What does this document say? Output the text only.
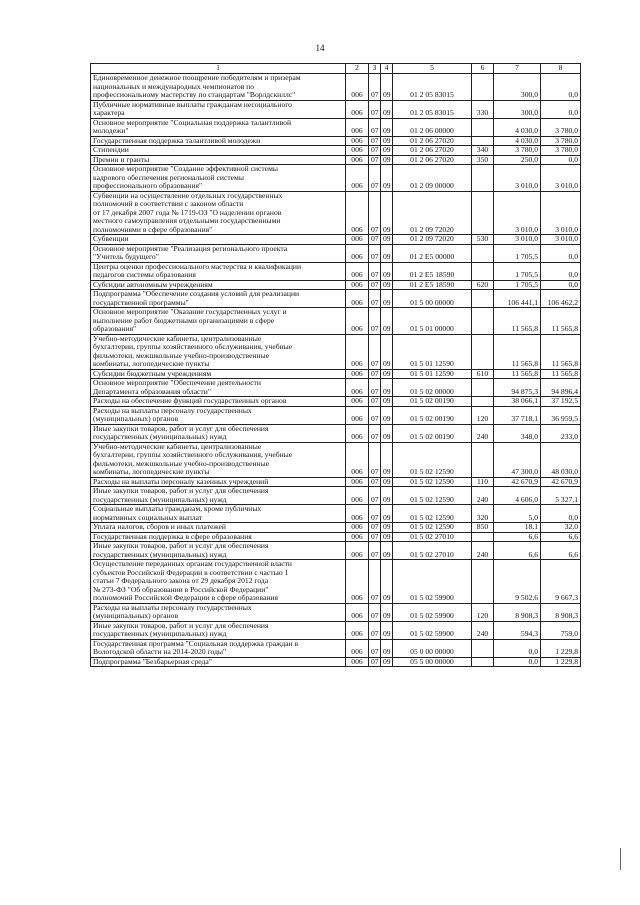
14
1	2	3	4	5	6	7	8

Единовременное денежное поощрение победителям и призерам
национальных и международных чемпионатов по
профессиональному мастерству по стандартам "Ворлдскиллс"	006	07	09	01 2 05 83015		300,0	0,0

Публичные нормативные выплаты гражданам несоциального
характера	006	07	09	01 2 05 83015	330	300,0	0,0

Основное мероприятие "Социальная поддержка талантливой
молодежи"	006	07	09	01 2 06 00000		4 030,0	3 780,0

Государственная поддержка талантливой молодежи	006	07	09	01 2 06 27020		4 030,0	3 780,0

Стипендии	006	07	09	01 2 06 27020	340	3 780,0	3 780,0

Премии и гранты	006	07	09	01 2 06 27020	350	250,0	0,0

Основное мероприятие "Создание эффективной системы
кадрового обеспечения региональной системы
профессионального образования"	006	07	09	01 2 09 00000		3 010,0	3 010,0

Субвенции на осуществление отдельных государственных
полномочий в соответствии с законом области
от 17 декабря 2007 года № 1719-ОЗ "О наделении органов
местного самоуправления отдельными государственными
полномочиями в сфере образования"	006	07	09	01 2 09 72020		3 010,0	3 010,0

Субвенции	006	07	09	01 2 09 72020	530	3 010,0	3 010,0

Основное мероприятие "Реализация регионального проекта
"Учитель будущего"	006	07	09	01 2 E5 00000		1 705,5	0,0

Центры оценки профессионального мастерства и квалификации
педагогов системы образования	006	07	09	01 2 E5 18590		1 705,5	0,0

Субсидии автономным учреждениям	006	07	09	01 2 E5 18590	620	1 705,5	0,0

Подпрограмма "Обеспечение создания условий для реализации
государственной программы"	006	07	09	01 5 00 00000		106 441,1	106 462,2

Основное мероприятие "Оказание государственных услуг и
выполнение работ бюджетными организациями в сфере
образования"	006	07	09	01 5 01 00000		11 565,8	11 565,8

Учебно-методические кабинеты, централизованные
бухгалтерии, группы хозяйственного обслуживания, учебные
фильмотеки, межшкольные учебно-производственные
комбинаты, логопедические пункты	006	07	09	01 5 01 12590		11 565,8	11 565,8

Субсидии бюджетным учреждениям	006	07	09	01 5 01 12590	610	11 565,8	11 565,8

Основное мероприятие "Обеспечение деятельности
Департамента образования области"	006	07	09	01 5 02 00000		94 875,3	94 896,4

Расходы на обеспечение функций государственных органов	006	07	09	01 5 02 00190		38 066,1	37 192,5

Расходы на выплаты персоналу государственных
(муниципальных) органов	006	07	09	01 5 02 00190	120	37 718,1	36 959,5

Иные закупки товаров, работ и услуг для обеспечения
государственных (муниципальных) нужд	006	07	09	01 5 02 00190	240	348,0	233,0

Учебно-методические кабинеты, централизованные
бухгалтерии, группы хозяйственного обслуживания, учебные
фильмотеки, межшкольные учебно-производственные
комбинаты, логопедические пункты	006	07	09	01 5 02 12590		47 300,0	48 030,0

Расходы на выплаты персоналу казенных учреждений	006	07	09	01 5 02 12590	110	42 670,9	42 670,9

Иные закупки товаров, работ и услуг для обеспечения
государственных (муниципальных) нужд	006	07	09	01 5 02 12590	240	4 606,0	5 327,1

Социальные выплаты гражданам, кроме публичных
нормативных социальных выплат	006	07	09	01 5 02 12590	320	5,0	0,0

Уплата налогов, сборов и иных платежей	006	07	09	01 5 02 12590	850	18,1	32,0

Государственная поддержка в сфере образования	006	07	09	01 5 02 27010		6,6	6,6

Иные закупки товаров, работ и услуг для обеспечения
государственных (муниципальных) нужд	006	07	09	01 5 02 27010	240	6,6	6,6

Осуществление переданных органам государственной власти
субъектов Российской Федерации в соответствии с частью 1
статьи 7 Федерального закона от 29 декабря 2012 года
№ 273-ФЗ "Об образовании в Российской Федерации"
полномочий Российской Федерации в сфере образования	006	07	09	01 5 02 59900		9 502,6	9 667,3

Расходы на выплаты персоналу государственных
(муниципальных) органов	006	07	09	01 5 02 59900	120	8 908,3	8 908,3

Иные закупки товаров, работ и услуг для обеспечения
государственных (муниципальных) нужд	006	07	09	01 5 02 59900	240	594,3	759,0

Государственная программа "Социальная поддержка граждан в
Вологодской области на 2014-2020 годы"	006	07	09	05 0 00 00000		0,0	1 229,8

Подпрограмма "Безбарьерная среда"	006	07	09	05 5 00 00000		0,0	1 229,8
